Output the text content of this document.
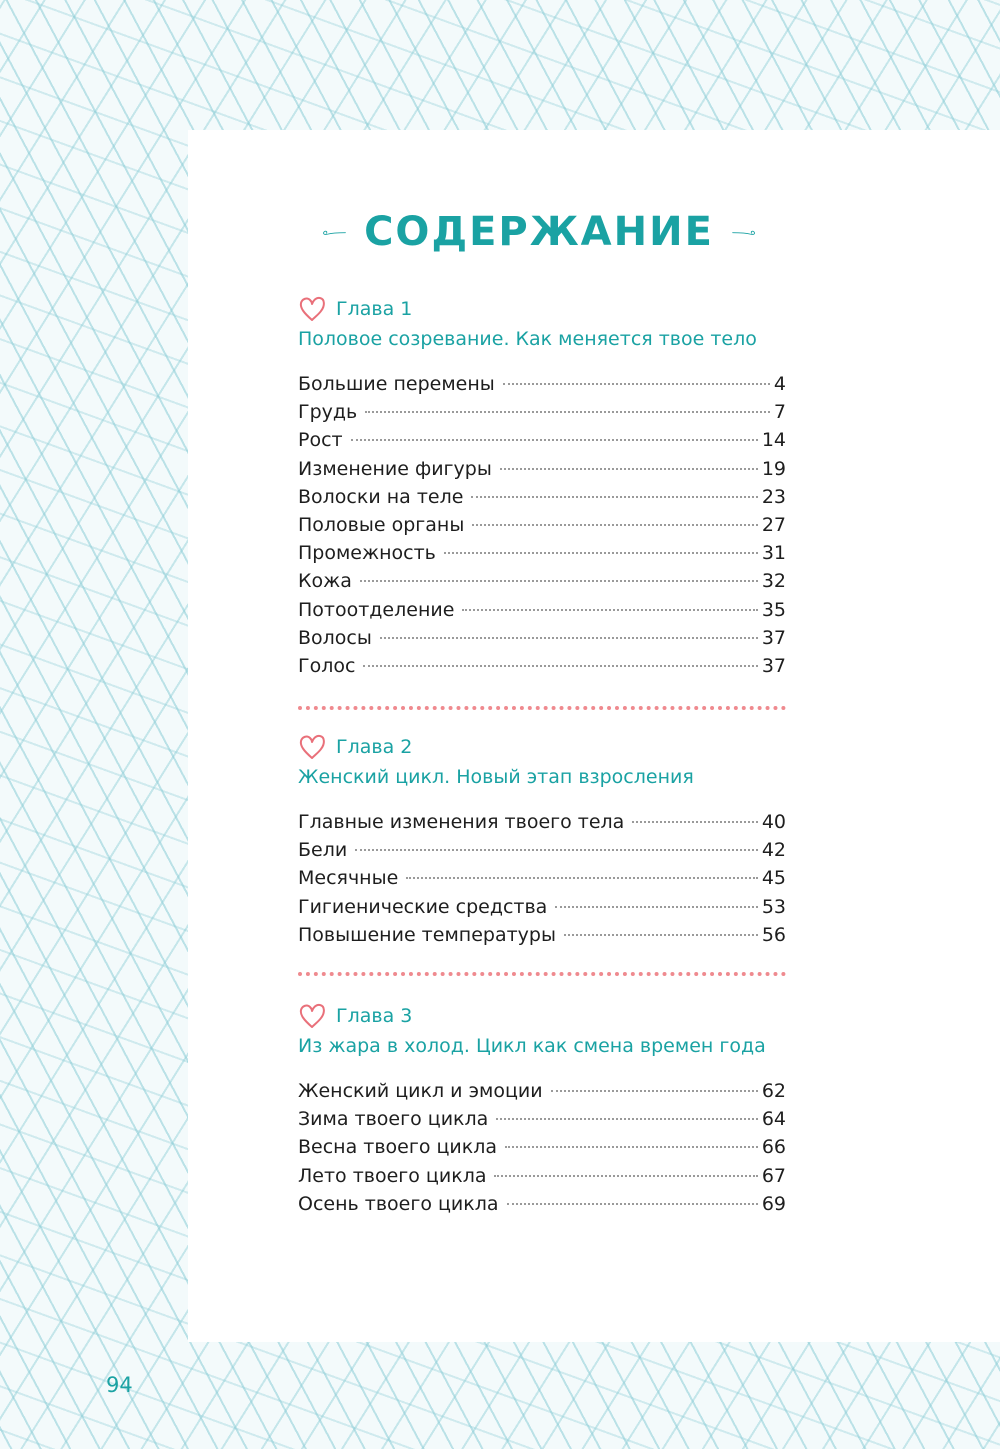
СОДЕРЖАНИЕ
Глава 1
Половое созревание. Как меняется твое тело
Большие перемены	4
Грудь	7
Рост	14
Изменение фигуры	19
Волоски на теле	23
Половые органы	27
Промежность	31
Кожа	32
Потоотделение	35
Волосы	37
Голос	37
Глава 2
Женский цикл. Новый этап взросления
Главные изменения твоего тела	40
Бели	42
Месячные	45
Гигиенические средства	53
Повышение температуры	56
Глава 3
Из жара в холод. Цикл как смена времен года
Женский цикл и эмоции	62
Зима твоего цикла	64
Весна твоего цикла	66
Лето твоего цикла	67
Осень твоего цикла	69
94
